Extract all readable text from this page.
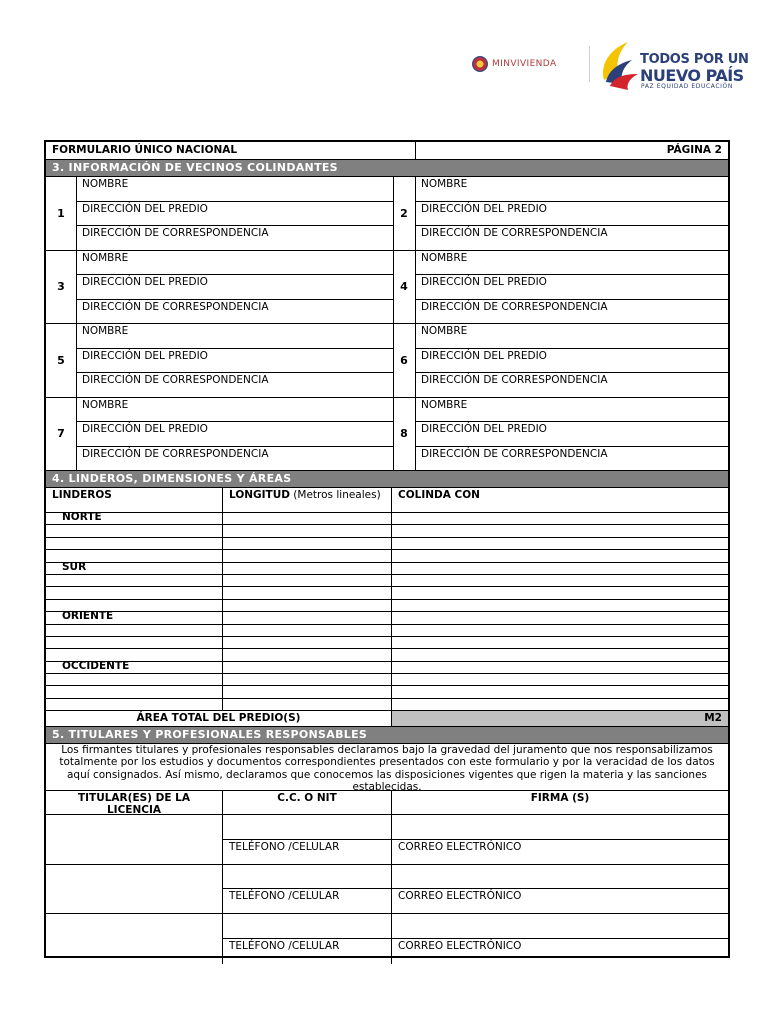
MINVIVIENDA	TODOS POR UN
NUEVO PAÍS
PAZ EQUIDAD EDUCACIÓN
FORMULARIO ÚNICO NACIONAL	PÁGINA 2
3. INFORMACIÓN DE VECINOS COLINDANTES
1
NOMBRE
DIRECCIÓN DEL PREDIO
DIRECCIÓN DE CORRESPONDENCIA
2
NOMBRE
DIRECCIÓN DEL PREDIO
DIRECCIÓN DE CORRESPONDENCIA
3
NOMBRE
DIRECCIÓN DEL PREDIO
DIRECCIÓN DE CORRESPONDENCIA
4
NOMBRE
DIRECCIÓN DEL PREDIO
DIRECCIÓN DE CORRESPONDENCIA
5
NOMBRE
DIRECCIÓN DEL PREDIO
DIRECCIÓN DE CORRESPONDENCIA
6
NOMBRE
DIRECCIÓN DEL PREDIO
DIRECCIÓN DE CORRESPONDENCIA
7
NOMBRE
DIRECCIÓN DEL PREDIO
DIRECCIÓN DE CORRESPONDENCIA
8
NOMBRE
DIRECCIÓN DEL PREDIO
DIRECCIÓN DE CORRESPONDENCIA
4. LINDEROS, DIMENSIONES Y ÁREAS
LINDEROS	LONGITUD (Metros lineales)	COLINDA CON
NORTE
SUR
ORIENTE
OCCIDENTE
ÁREA TOTAL DEL PREDIO(S)	M2
5. TITULARES Y PROFESIONALES RESPONSABLES
Los firmantes titulares y profesionales responsables declaramos bajo la gravedad del juramento que nos responsabilizamos totalmente por los estudios y documentos correspondientes presentados con este formulario y por la veracidad de los datos aquí consignados. Así mismo, declaramos que conocemos las disposiciones vigentes que rigen la materia y las sanciones establecidas.
TITULAR(ES) DE LA LICENCIA
C.C. O NIT	FIRMA (S)
TELÉFONO /CELULAR	CORREO ELECTRÓNICO
TELÉFONO /CELULAR	CORREO ELECTRÓNICO
TELÉFONO /CELULAR	CORREO ELECTRÓNICO
